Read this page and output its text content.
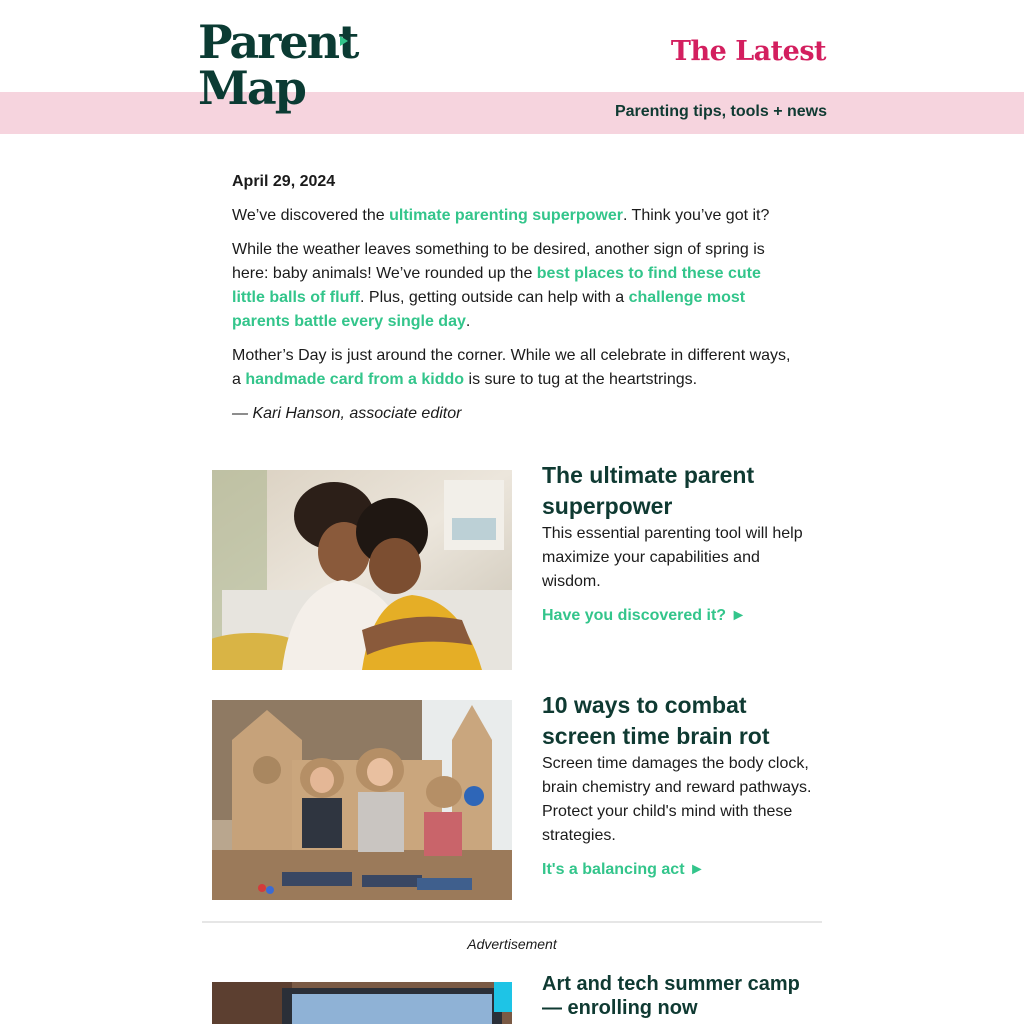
Parent
Map
The Latest
Parenting tips, tools + news

April 29, 2024

We’ve discovered the ultimate parenting superpower. Think you’ve got it?

While the weather leaves something to be desired, another sign of spring is here: baby animals! We’ve rounded up the best places to find these cute little balls of fluff. Plus, getting outside can help with a challenge most parents battle every single day.

Mother’s Day is just around the corner. While we all celebrate in different ways, a handmade card from a kiddo is sure to tug at the heartstrings.

— Kari Hanson, associate editor

The ultimate parent superpower

This essential parenting tool will help maximize your capabilities and wisdom.

Have you discovered it? ►
10 ways to combat screen time brain rot

Screen time damages the body clock, brain chemistry and reward pathways. Protect your child's mind with these strategies.

It's a balancing act ►
Advertisement
Art and tech summer camp — enrolling now
